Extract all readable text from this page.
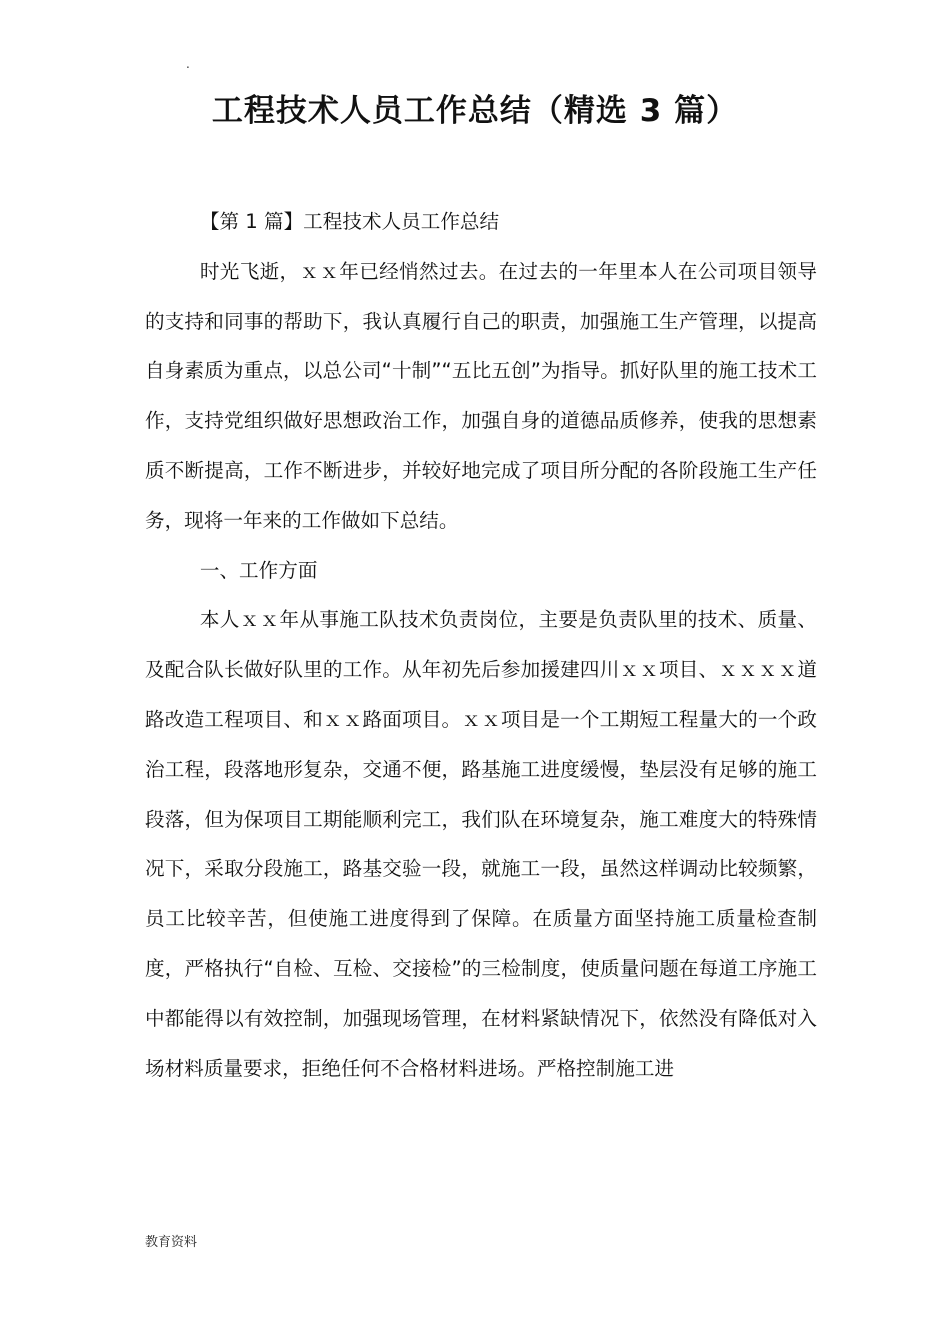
.
工程技术人员工作总结（精选 3 篇）

【第 1 篇】工程技术人员工作总结

时光飞逝，ｘｘ年已经悄然过去。在过去的一年里本人在公司项目领导的支持和同事的帮助下，我认真履行自己的职责，加强施工生产管理，以提高自身素质为重点，以总公司“十制”“五比五创”为指导。抓好队里的施工技术工作，支持党组织做好思想政治工作，加强自身的道德品质修养，使我的思想素质不断提高，工作不断进步，并较好地完成了项目所分配的各阶段施工生产任务，现将一年来的工作做如下总结。

一、工作方面

本人ｘｘ年从事施工队技术负责岗位，主要是负责队里的技术、质量、及配合队长做好队里的工作。从年初先后参加援建四川ｘｘ项目、ｘｘｘｘ道路改造工程项目、和ｘｘ路面项目。ｘｘ项目是一个工期短工程量大的一个政治工程，段落地形复杂，交通不便，路基施工进度缓慢，垫层没有足够的施工段落，但为保项目工期能顺利完工，我们队在环境复杂，施工难度大的特殊情况下，采取分段施工，路基交验一段，就施工一段，虽然这样调动比较频繁，员工比较辛苦，但使施工进度得到了保障。在质量方面坚持施工质量检查制度，严格执行“自检、互检、交接检”的三检制度，使质量问题在每道工序施工中都能得以有效控制，加强现场管理，在材料紧缺情况下，依然没有降低对入场材料质量要求，拒绝任何不合格材料进场。严格控制施工进

教育资料
